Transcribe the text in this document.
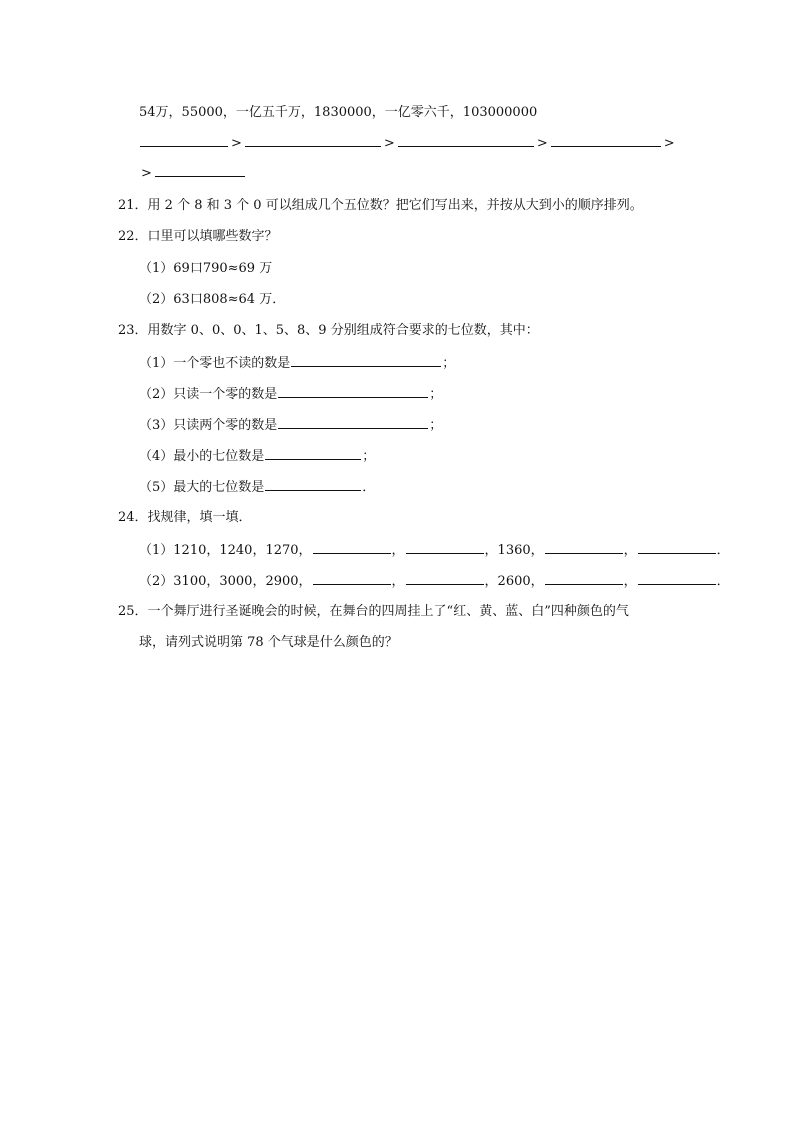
54万，55000，一亿五千万，1830000，一亿零六千，103000000
>	>	>	>
>
21．用 2 个 8 和 3 个 0 可以组成几个五位数？把它们写出来，并按从大到小的顺序排列。
22．口里可以填哪些数字？
（1）69口790≈69 万
（2）63口808≈64 万．
23．用数字 0、0、0、1、5、8、9 分别组成符合要求的七位数，其中：
（1）一个零也不读的数是	；
（2）只读一个零的数是	；
（3）只读两个零的数是	；
（4）最小的七位数是	；
（5）最大的七位数是	．
24．找规律，填一填．
（1）1210，1240，1270，	，	，1360，	，	．
（2）3100，3000，2900，	，	，2600，	，	．
25．一个舞厅进行圣诞晚会的时候，在舞台的四周挂上了“红、黄、蓝、白”四种颜色的气
球，请列式说明第 78 个气球是什么颜色的？
